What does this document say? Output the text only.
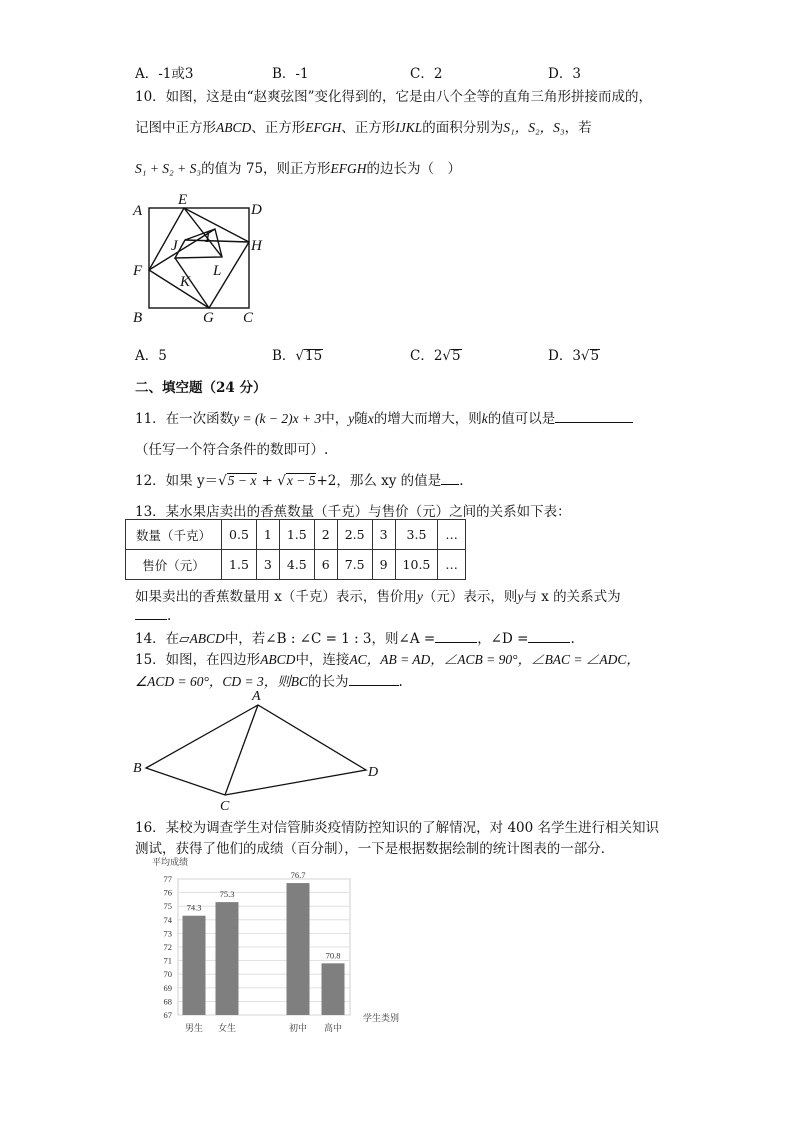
A．-1或3	B．-1	C．2	D．3
10．如图，这是由“赵爽弦图”变化得到的，它是由八个全等的直角三角形拼接而成的，
记图中正方形ABCD、正方形EFGH、正方形IJKL的面积分别为S₁，S₂，S₃，若
S₁ + S₂ + S₃的值为 75，则正方形EFGH的边长为（　）
A	D
E
F
H
B	G C
I
J
K
L
A．5	B．√15	C．2√5	D．3√5
二、填空题（24 分）
11．在一次函数y = (k − 2)x + 3中，y随x的增大而增大，则k的值可以是
（任写一个符合条件的数即可）.
12．如果 y＝√5 − x + √x − 5+2，那么 xy 的值是 .
13．某水果店卖出的香蕉数量（千克）与售价（元）之间的关系如下表：
数量（千克）	0.5	1	1.5	2	2.5	3	3.5	…
售价（元）	1.5	3	4.5	6	7.5	9	10.5	…
如果卖出的香蕉数量用 x（千克）表示，售价用y（元）表示，则y与 x 的关系式为
.
14．在▱ABCD中，若∠B : ∠C = 1 : 3，则∠A =	，∠D =	.
15．如图，在四边形ABCD中，连接AC，AB = AD，∠ACB = 90°，∠BAC = ∠ADC，
∠ACD = 60°，CD = 3，则BC的长为	.
A
B
C
D
16．某校为调查学生对信管肺炎疫情防控知识的了解情况，对 400 名学生进行相关知识
测试，获得了他们的成绩（百分制），一下是根据数据绘制的统计图表的一部分．
平均成绩
学生类别
67
68
69
70
71
72
73
74
75
76
77
74.3
男生
75.3
女生
76.7
初中
70.8
高中
